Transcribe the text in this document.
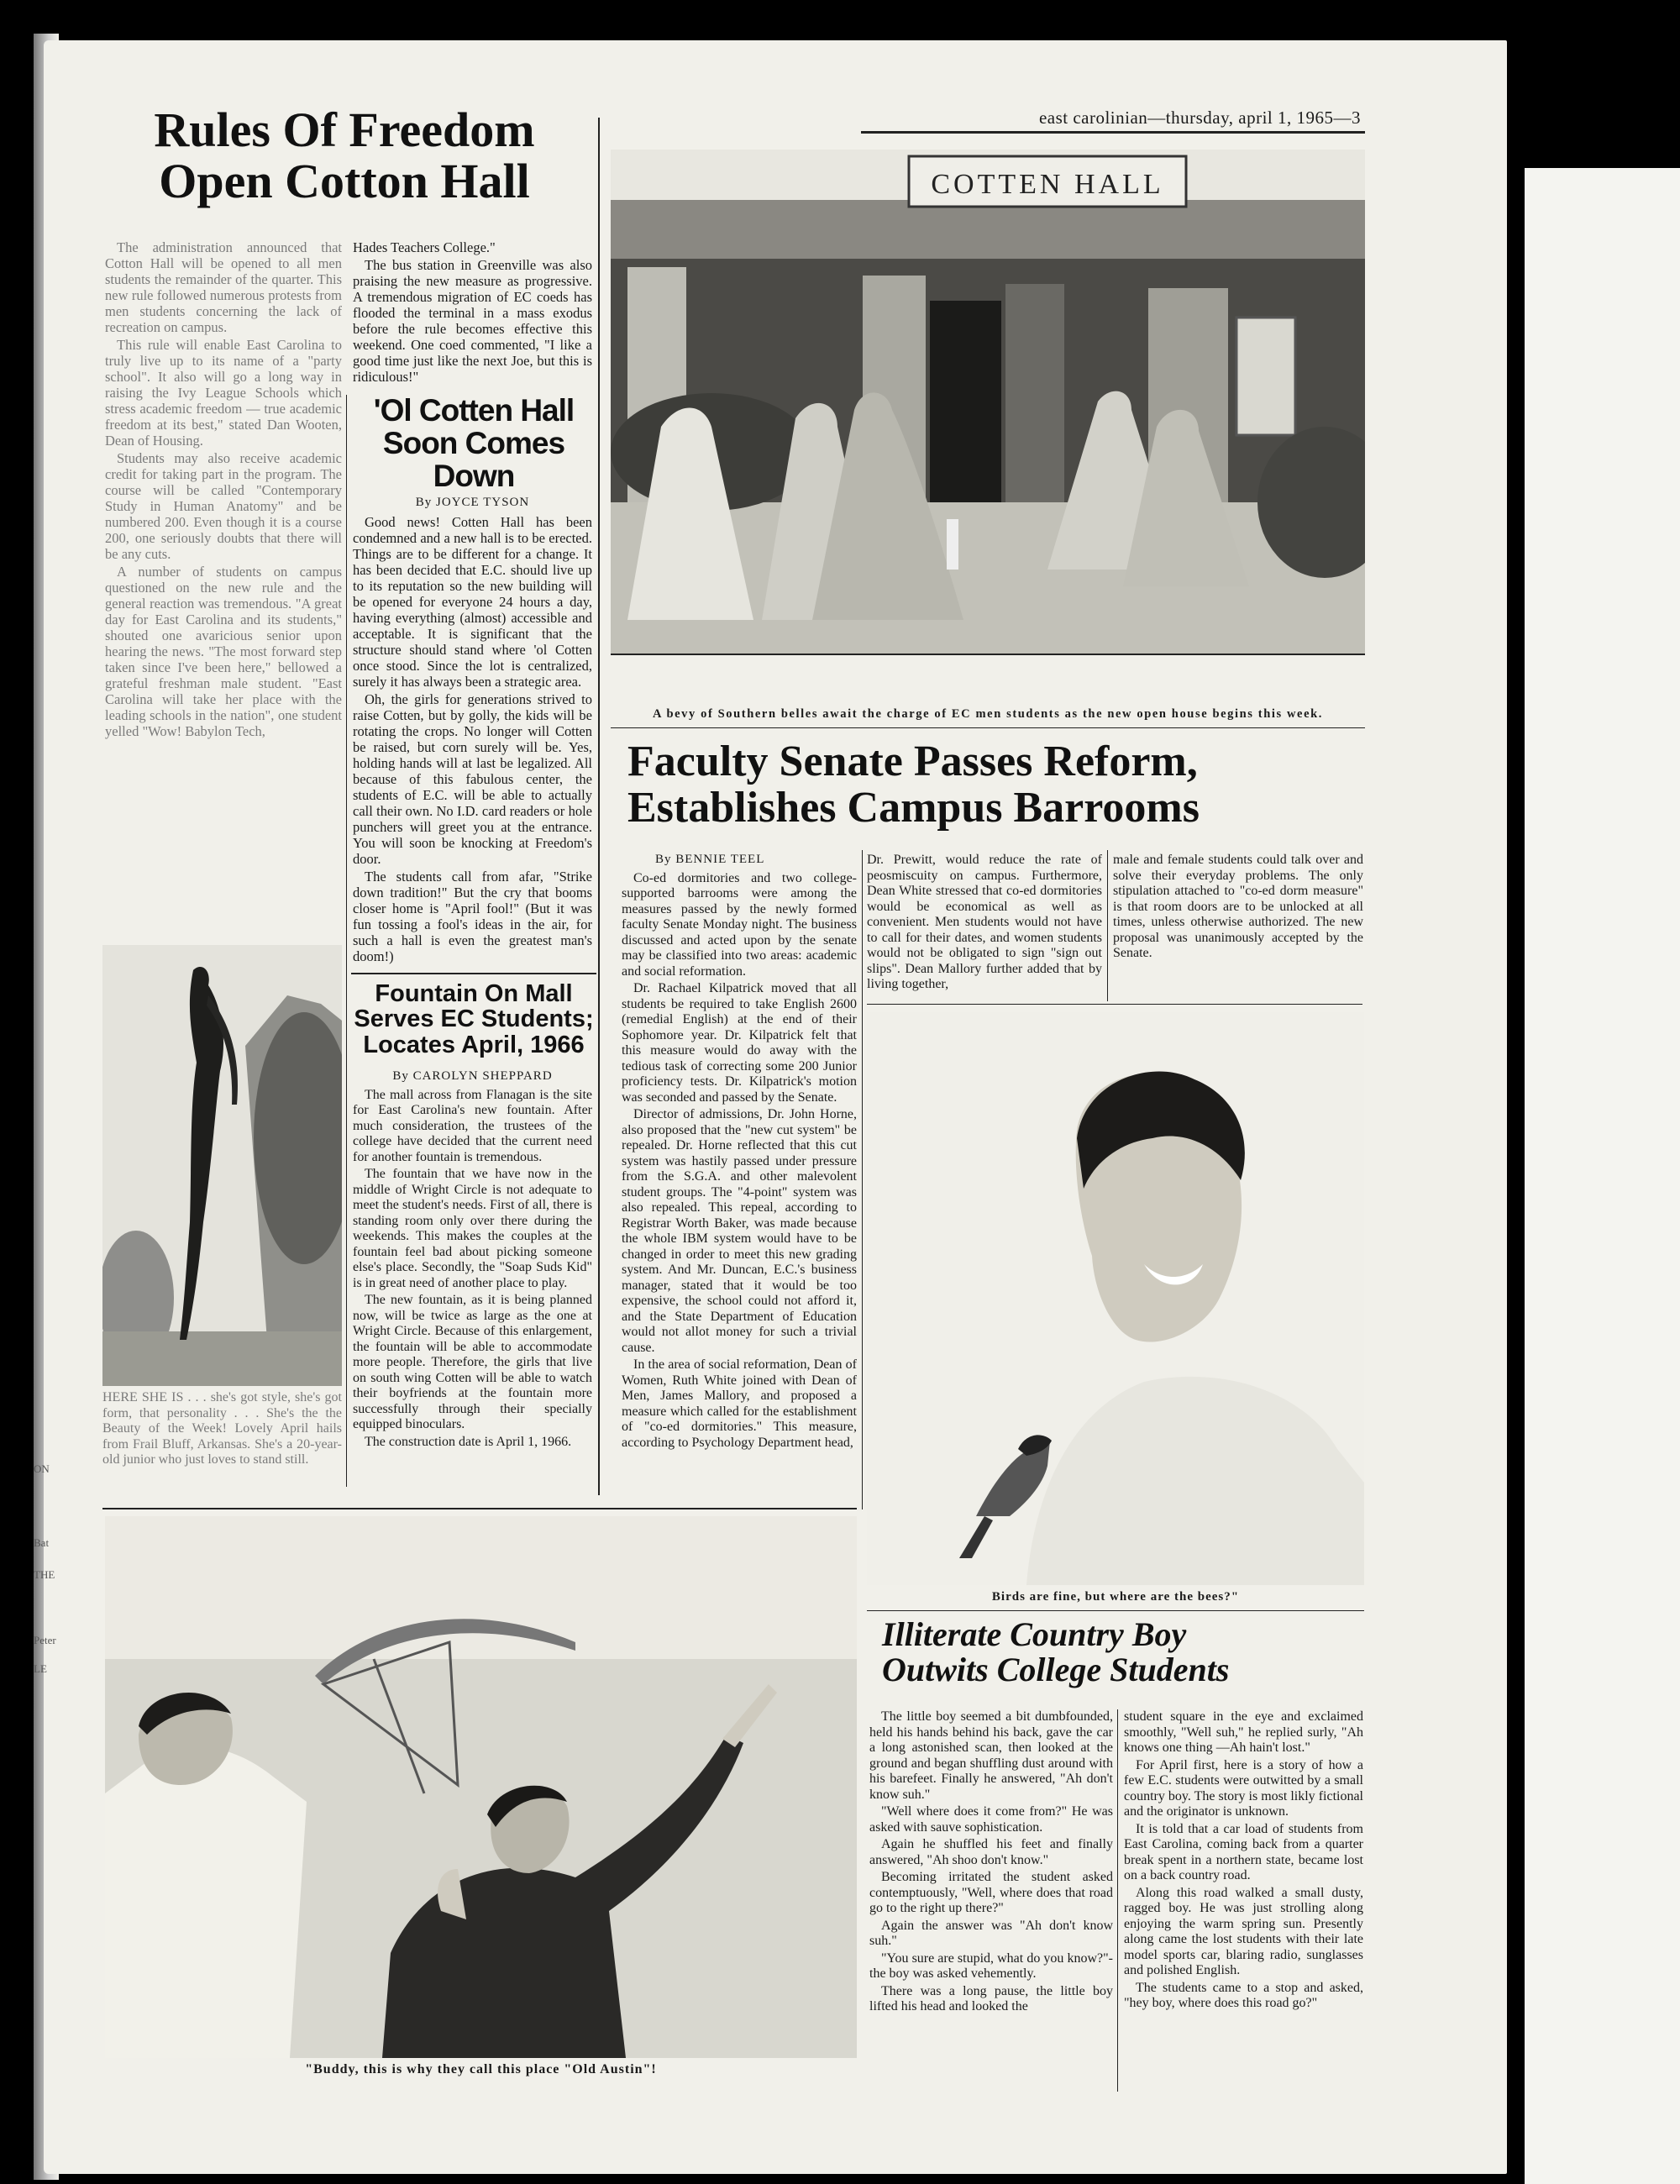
ON
Bat
THE
Peter
LE
east carolinian—thursday, april 1, 1965—3
Rules Of Freedom
Open Cotton Hall

The administration announced that Cotton Hall will be opened to all men students the remainder of the quarter. This new rule followed numerous protests from men students concerning the lack of recreation on campus.

This rule will enable East Carolina to truly live up to its name of a "party school". It also will go a long way in raising the Ivy League Schools which stress academic freedom — true academic freedom at its best," stated Dan Wooten, Dean of Housing.

Students may also receive academic credit for taking part in the program. The course will be called "Contemporary Study in Human Anatomy" and be numbered 200. Even though it is a course 200, one seriously doubts that there will be any cuts.

A number of students on campus questioned on the new rule and the general reaction was tremendous. "A great day for East Carolina and its students," shouted one avaricious senior upon hearing the news. "The most forward step taken since I've been here," bellowed a grateful freshman male student. "East Carolina will take her place with the leading schools in the nation", one student yelled "Wow! Babylon Tech,

Hades Teachers College."

The bus station in Greenville was also praising the new measure as progressive. A tremendous migration of EC coeds has flooded the terminal in a mass exodus before the rule becomes effective this weekend. One coed commented, "I like a good time just like the next Joe, but this is ridiculous!"

'Ol Cotten Hall
Soon Comes Down
By JOYCE TYSON

Good news! Cotten Hall has been condemned and a new hall is to be erected. Things are to be different for a change. It has been decided that E.C. should live up to its reputation so the new building will be opened for everyone 24 hours a day, having everything (almost) accessible and acceptable. It is significant that the structure should stand where 'ol Cotten once stood. Since the lot is centralized, surely it has always been a strategic area.

Oh, the girls for generations strived to raise Cotten, but by golly, the kids will be rotating the crops. No longer will Cotten be raised, but corn surely will be. Yes, holding hands will at last be legalized. All because of this fabulous center, the students of E.C. will be able to actually call their own. No I.D. card readers or hole punchers will greet you at the entrance. You will soon be knocking at Freedom's door.

The students call from afar, "Strike down tradition!" But the cry that booms closer home is "April fool!" (But it was fun tossing a fool's ideas in the air, for such a hall is even the greatest man's doom!)

Fountain On Mall
Serves EC Students;
Locates April, 1966
By CAROLYN SHEPPARD

The mall across from Flanagan is the site for East Carolina's new fountain. After much consideration, the trustees of the college have decided that the current need for another fountain is tremendous.

The fountain that we have now in the middle of Wright Circle is not adequate to meet the student's needs. First of all, there is standing room only over there during the weekends. This makes the couples at the fountain feel bad about picking someone else's place. Secondly, the "Soap Suds Kid" is in great need of another place to play.

The new fountain, as it is being planned now, will be twice as large as the one at Wright Circle. Because of this enlargement, the fountain will be able to accommodate more people. Therefore, the girls that live on south wing Cotten will be able to watch their boyfriends at the fountain more successfully through their specially equipped binoculars.

The construction date is April 1, 1966.

HERE SHE IS . . . she's got style, she's got form, that personality . . . She's the the Beauty of the Week! Lovely April hails from Frail Bluff, Arkansas. She's a 20-year-old junior who just loves to stand still.
COTTEN HALL
A bevy of Southern belles await the charge of EC men students as the new open house begins this week.
Faculty Senate Passes Reform,
Establishes Campus Barrooms
By BENNIE TEEL

Co-ed dormitories and two college-supported barrooms were among the measures passed by the newly formed faculty Senate Monday night. The business discussed and acted upon by the senate may be classified into two areas: academic and social reformation.

Dr. Rachael Kilpatrick moved that all students be required to take English 2600 (remedial English) at the end of their Sophomore year. Dr. Kilpatrick felt that this measure would do away with the tedious task of correcting some 200 Junior proficiency tests. Dr. Kilpatrick's motion was seconded and passed by the Senate.

Director of admissions, Dr. John Horne, also proposed that the "new cut system" be repealed. Dr. Horne reflected that this cut system was hastily passed under pressure from the S.G.A. and other malevolent student groups. The "4-point" system was also repealed. This repeal, according to Registrar Worth Baker, was made because the whole IBM system would have to be changed in order to meet this new grading system. And Mr. Duncan, E.C.'s business manager, stated that it would be too expensive, the school could not afford it, and the State Department of Education would not allot money for such a trivial cause.

In the area of social reformation, Dean of Women, Ruth White joined with Dean of Men, James Mallory, and proposed a measure which called for the establishment of "co-ed dormitories." This measure, according to Psychology Department head,

Dr. Prewitt, would reduce the rate of peosmiscuity on campus. Furthermore, Dean White stressed that co-ed dormitories would be economical as well as convenient. Men students would not have to call for their dates, and women students would not be obligated to sign "sign out slips". Dean Mallory further added that by living together,

male and female students could talk over and solve their everyday problems. The only stipulation attached to "co-ed dorm measure" is that room doors are to be unlocked at all times, unless otherwise authorized. The new proposal was unanimously accepted by the Senate.

Birds are fine, but where are the bees?"
Illiterate Country Boy
Outwits College Students

The little boy seemed a bit dumbfounded, held his hands behind his back, gave the car a long astonished scan, then looked at the ground and began shuffling dust around with his barefeet. Finally he answered, "Ah don't know suh."

"Well where does it come from?" He was asked with sauve sophistication.

Again he shuffled his feet and finally answered, "Ah shoo don't know."

Becoming irritated the student asked contemptuously, "Well, where does that road go to the right up there?"

Again the answer was "Ah don't know suh."

"You sure are stupid, what do you know?"- the boy was asked vehemently.

There was a long pause, the little boy lifted his head and looked the

student square in the eye and exclaimed smoothly, "Well suh," he replied surly, "Ah knows one thing —Ah hain't lost."

For April first, here is a story of how a few E.C. students were outwitted by a small country boy. The story is most likly fictional and the originator is unknown.

It is told that a car load of students from East Carolina, coming back from a quarter break spent in a northern state, became lost on a back country road.

Along this road walked a small dusty, ragged boy. He was just strolling along enjoying the warm spring sun. Presently along came the lost students with their late model sports car, blaring radio, sunglasses and polished English.

The students came to a stop and asked, "hey boy, where does this road go?"

"Buddy, this is why they call this place "Old Austin"!
